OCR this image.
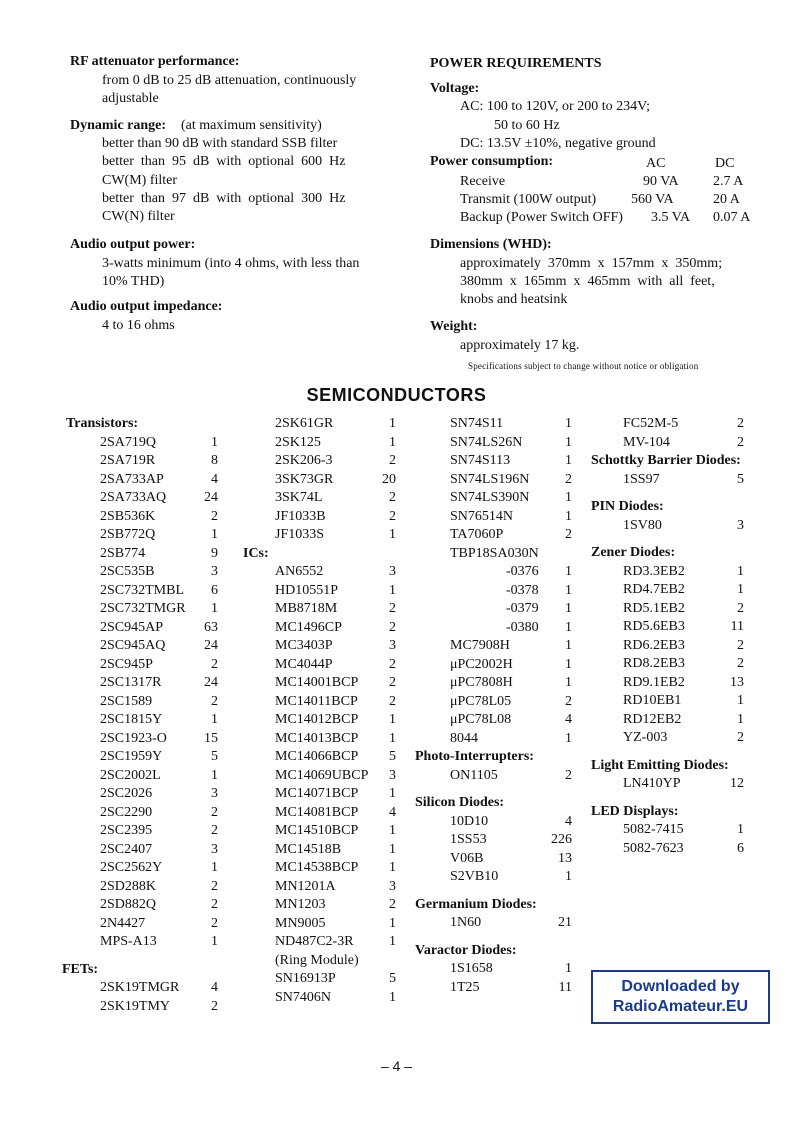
RF attenuator performance:
from 0 dB to 25 dB attenuation, continuously
adjustable
Dynamic range: (at maximum sensitivity)
better than 90 dB with standard SSB filter
better  than  95  dB  with  optional  600  Hz
CW(M) filter
better  than  97  dB  with  optional  300  Hz
CW(N) filter
Audio output power:
3-watts minimum (into 4 ohms, with less than
10% THD)
Audio output impedance:
4 to 16 ohms
POWER REQUIREMENTS
Voltage:
AC: 100 to 120V, or 200 to 234V;
50 to 60 Hz
DC: 13.5V ±10%, negative ground
Power consumption:	AC	DC
Receive	90 VA 2.7 A
Transmit (100W output) 560 VA	20 A
Backup (Power Switch OFF) 3.5 VA 0.07 A
Dimensions (WHD):
approximately  370mm  x  157mm  x  350mm;
380mm  x  165mm  x  465mm  with  all  feet,
knobs and heatsink
Weight:
approximately 17 kg.
Specifications subject to change without notice or obligation
SEMICONDUCTORS
Transistors:
2SA719Q	1
2SA719R	8
2SA733AP	4
2SA733AQ	24
2SB536K	2
2SB772Q	1
2SB774	9
2SC535B	3
2SC732TMBL 6
2SC732TMGR 1
2SC945AP	63
2SC945AQ	24
2SC945P	2
2SC1317R	24
2SC1589	2
2SC1815Y	1
2SC1923-O	15
2SC1959Y	5
2SC2002L	1
2SC2026	3
2SC2290	2
2SC2395	2
2SC2407	3
2SC2562Y	1
2SD288K	2
2SD882Q	2
2N4427	2
MPS-A13	1
FETs:
2SK19TMGR 4
2SK19TMY	2
2SK61GR	1
2SK125	1
2SK206-3	2
3SK73GR	20
3SK74L	2
JF1033B	2
JF1033S	1
ICs:
AN6552	3
HD10551P	1
MB8718M	2
MC1496CP	2
MC3403P	3
MC4044P	2
MC14001BCP 2
MC14011BCP 2
MC14012BCP 1
MC14013BCP 1
MC14066BCP 5
MC14069UBCP 3
MC14071BCP 1
MC14081BCP 4
MC14510BCP 1
MC14518B	1
MC14538BCP 1
MN1201A	3
MN1203	2
MN9005	1
ND487C2-3R	1
(Ring Module)
SN16913P	5
SN7406N	1
SN74S11	1
SN74LS26N	1
SN74S113	1
SN74LS196N	2
SN74LS390N	1
SN76514N	1
TA7060P	2
TBP18SA030N
-0376 1
-0378 1
-0379 1
-0380 1
MC7908H	1
μPC2002H	1
μPC7808H	1
μPC78L05	2
μPC78L08	4
8044	1
Photo-Interrupters:
ON1105	2
Silicon Diodes:
10D10	4
1SS53	226
V06B	13
S2VB10	1
Germanium Diodes:
1N60	21
Varactor Diodes:
1S1658	1
1T25	11
FC52M-5	2
MV-104	2
Schottky Barrier Diodes:
1SS97	5
PIN Diodes:
1SV80	3
Zener Diodes:
RD3.3EB2	1
RD4.7EB2	1
RD5.1EB2	2
RD5.6EB3	11
RD6.2EB3	2
RD8.2EB3	2
RD9.1EB2	13
RD10EB1	1
RD12EB2	1
YZ-003	2
Light Emitting Diodes:
LN410YP	12
LED Displays:
5082-7415	1
5082-7623	6
Downloaded by
RadioAmateur.EU
– 4 –
